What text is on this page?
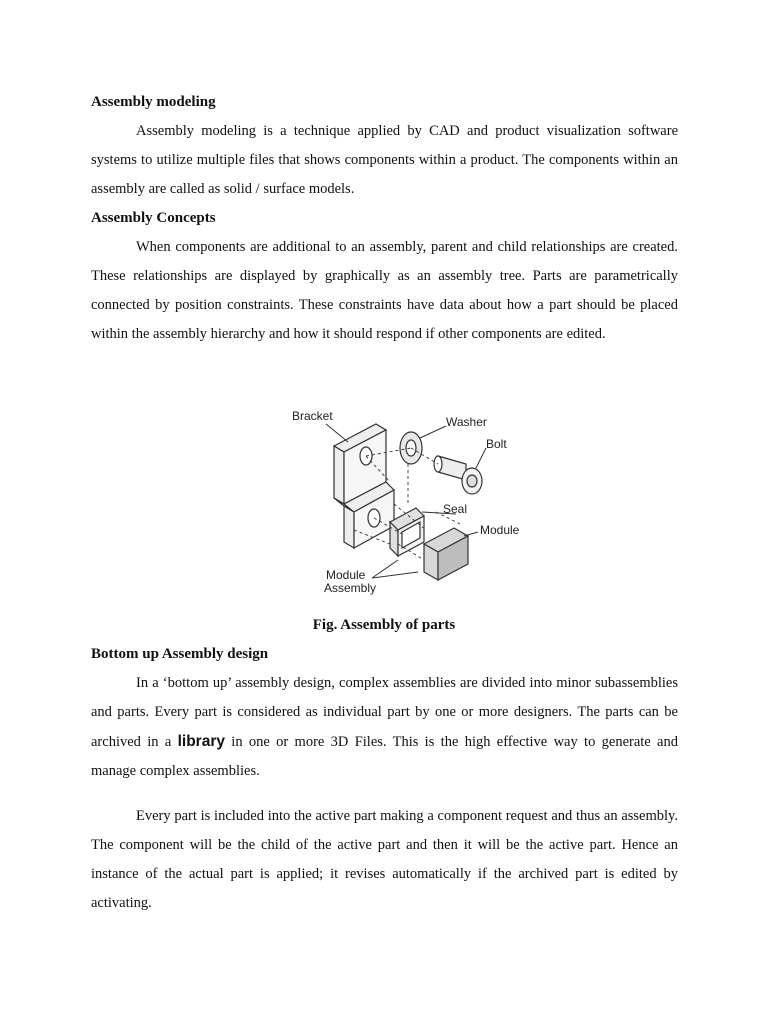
Assembly modeling
Assembly modeling is a technique applied by CAD and product visualization software systems to utilize multiple files that shows components within a product. The components within an assembly are called as solid / surface models.
Assembly Concepts
When components are additional to an assembly, parent and child relationships are created. These relationships are displayed by graphically as an assembly tree. Parts are parametrically connected by position constraints. These constraints have data about how a part should be placed within the assembly hierarchy and how it should respond if other components are edited.
Bracket	Washer
Bolt
Seal
Module
Module
Assembly
Fig. Assembly of parts
Bottom up Assembly design
In a ‘bottom up’ assembly design, complex assemblies are divided into minor subassemblies and parts. Every part is considered as individual part by one or more designers. The parts can be archived in a library in one or more 3D Files. This is the high effective way to generate and manage complex assemblies.
Every part is included into the active part making a component request and thus an assembly. The component will be the child of the active part and then it will be the active part. Hence an instance of the actual part is applied; it revises automatically if the archived part is edited by activating.
